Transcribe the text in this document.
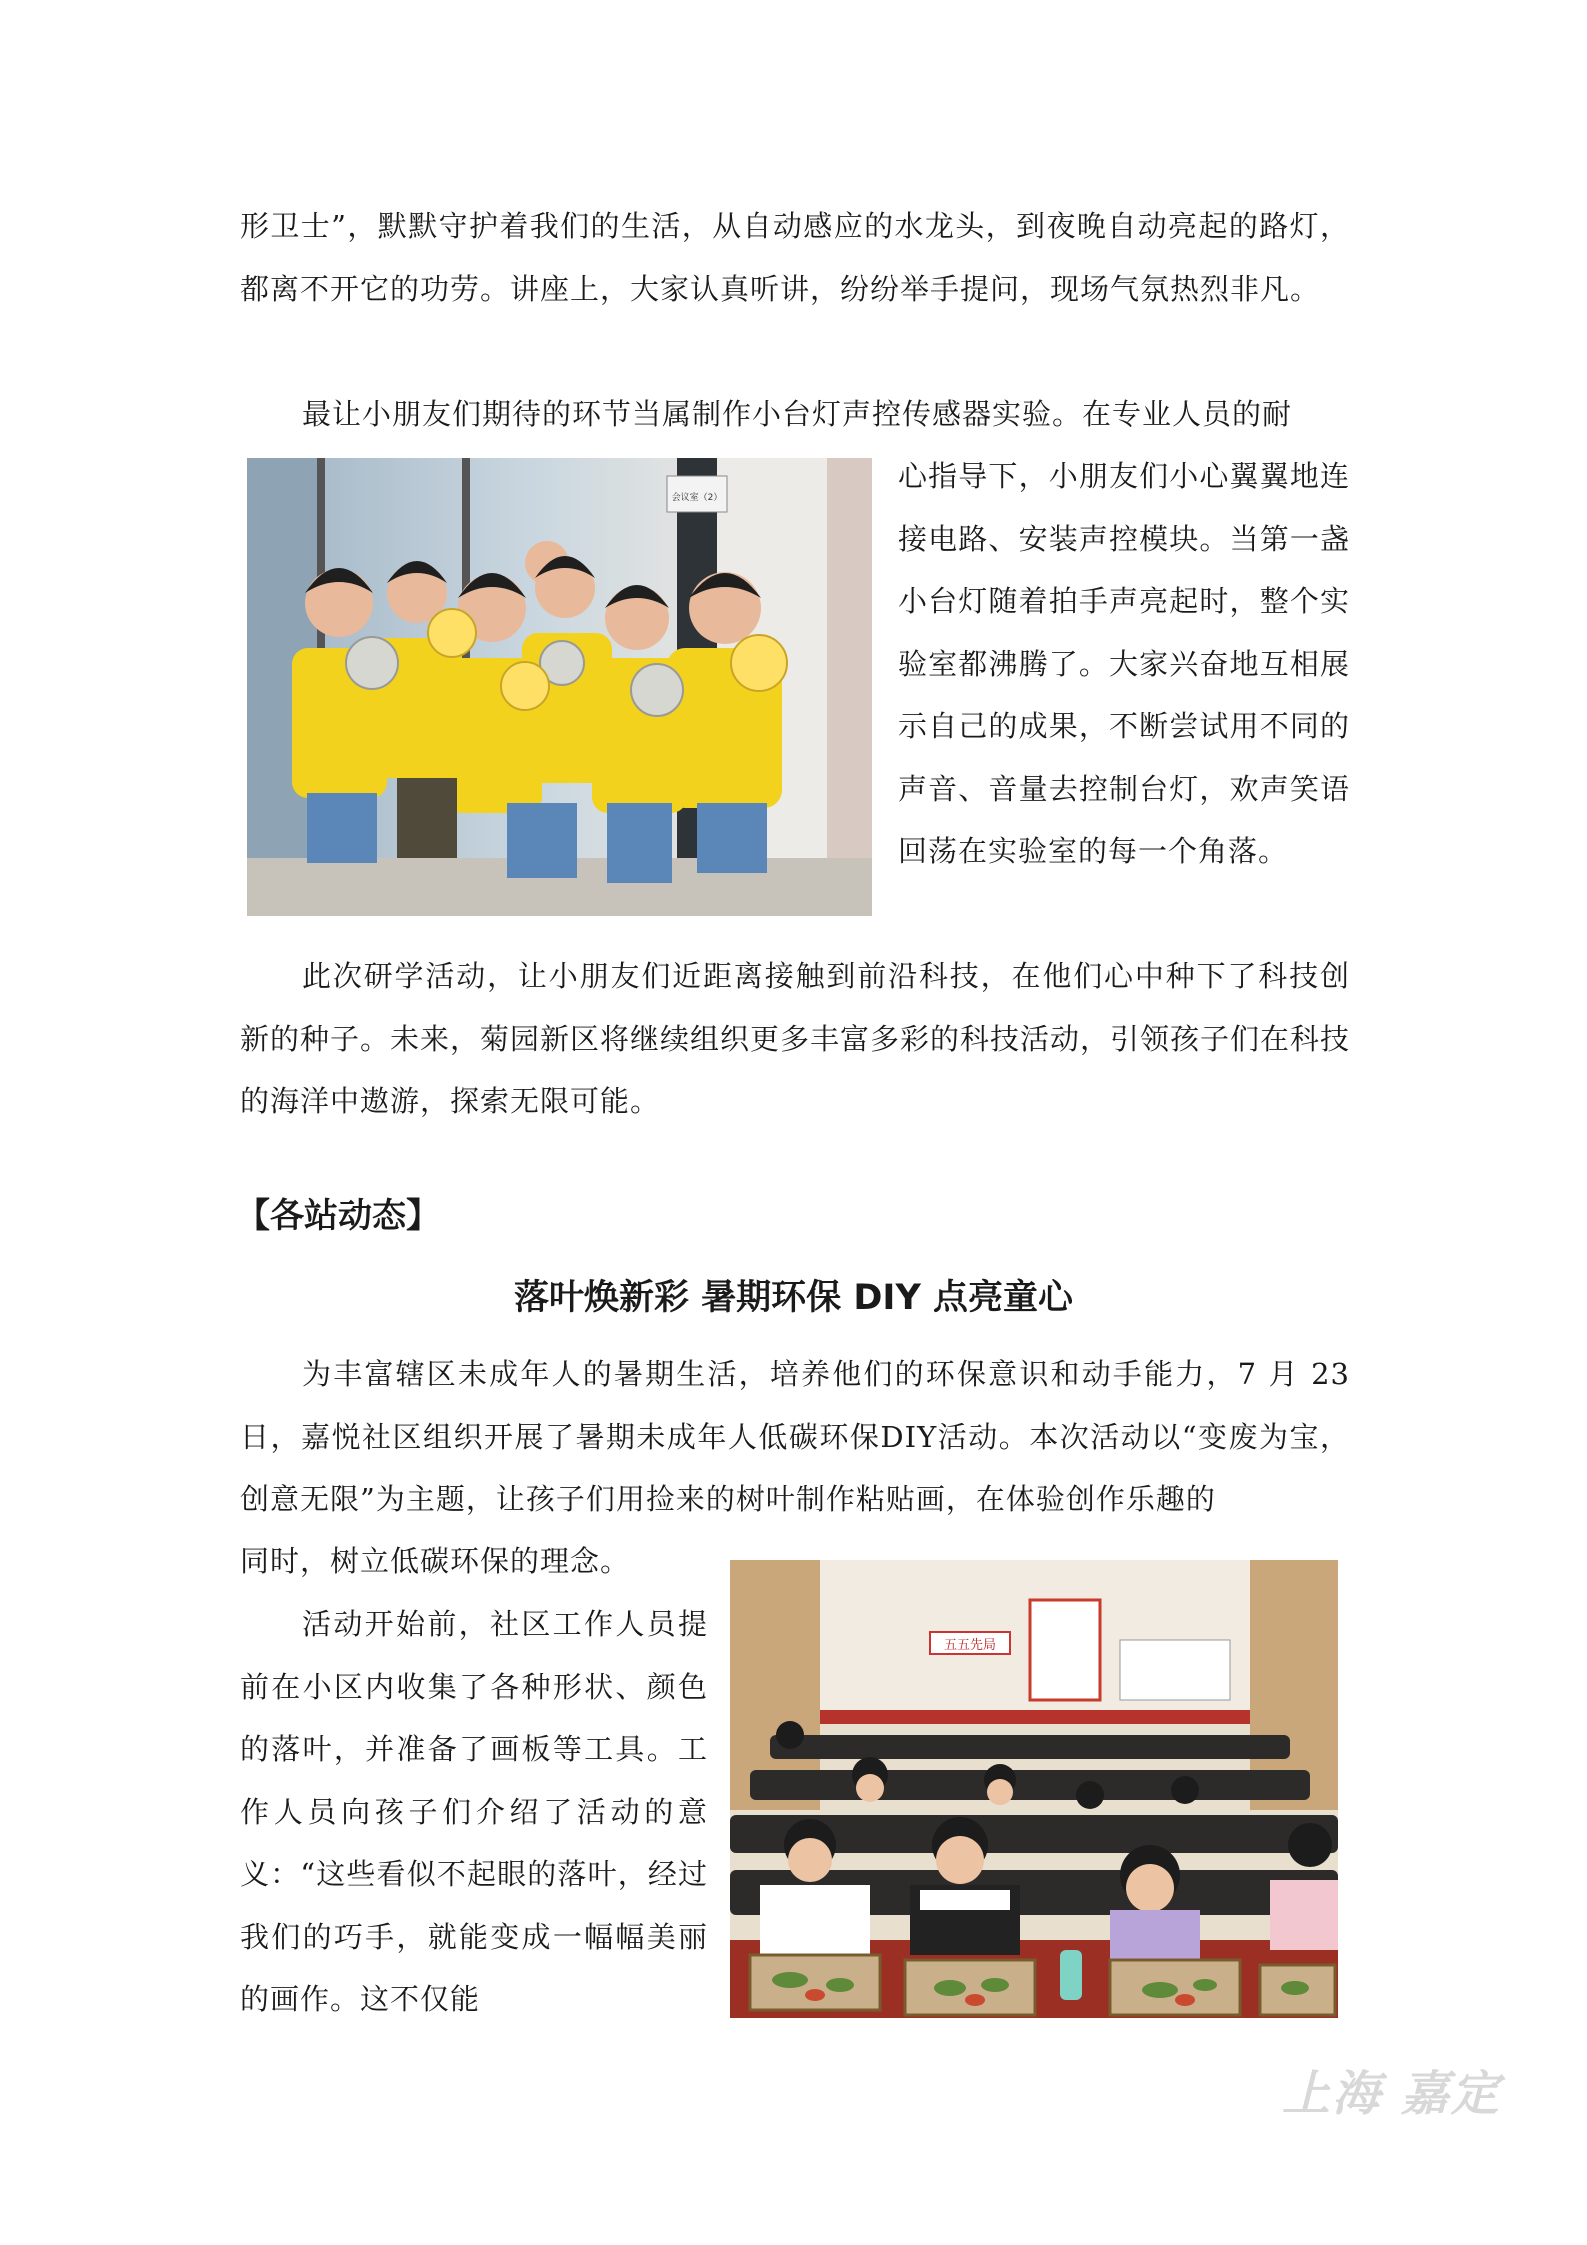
形卫士”，默默守护着我们的生活，从自动感应的水龙头，到夜晚自动亮起的路灯，都离不开它的功劳。讲座上，大家认真听讲，纷纷举手提问，现场气氛热烈非凡。

最让小朋友们期待的环节当属制作小台灯声控传感器实验。在专业人员的耐

会议室（2）

心指导下，小朋友们小心翼翼地连接电路、安装声控模块。当第一盏小台灯随着拍手声亮起时，整个实验室都沸腾了。大家兴奋地互相展示自己的成果，不断尝试用不同的声音、音量去控制台灯，欢声笑语回荡在实验室的每一个角落。

此次研学活动，让小朋友们近距离接触到前沿科技，在他们心中种下了科技创新的种子。未来，菊园新区将继续组织更多丰富多彩的科技活动，引领孩子们在科技的海洋中遨游，探索无限可能。

【各站动态】

落叶焕新彩 暑期环保 DIY 点亮童心

为丰富辖区未成年人的暑期生活，培养他们的环保意识和动手能力，7 月 23 日，嘉悦社区组织开展了暑期未成年人低碳环保DIY活动。本次活动以“变废为宝，创意无限”为主题，让孩子们用捡来的树叶制作粘贴画，在体验创作乐趣的

同时，树立低碳环保的理念。

五五先局

活动开始前，社区工作人员提前在小区内收集了各种形状、颜色的落叶，并准备了画板等工具。工作人员向孩子们介绍了活动的意义：“这些看似不起眼的落叶，经过我们的巧手，就能变成一幅幅美丽的画作。这不仅能

上海 嘉定
